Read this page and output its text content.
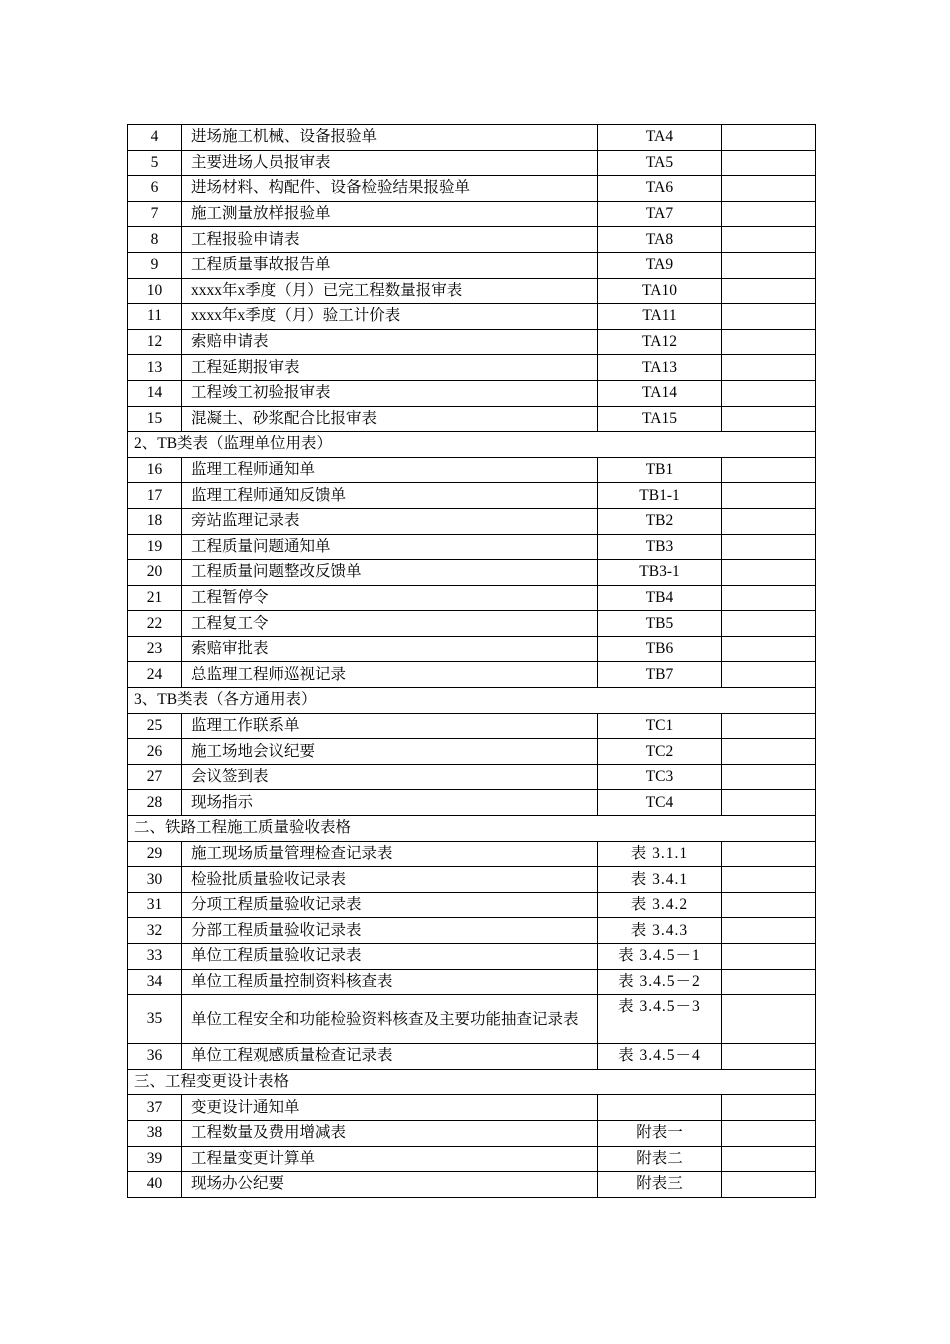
4	进场施工机械、设备报验单	TA4	
5	主要进场人员报审表	TA5	
6	进场材料、构配件、设备检验结果报验单	TA6	
7	施工测量放样报验单	TA7	
8	工程报验申请表	TA8	
9	工程质量事故报告单	TA9	
10	xxxx年x季度（月）已完工程数量报审表	TA10	
11	xxxx年x季度（月）验工计价表	TA11	
12	索赔申请表	TA12	
13	工程延期报审表	TA13	
14	工程竣工初验报审表	TA14	
15	混凝土、砂浆配合比报审表	TA15	
2、TB类表（监理单位用表）			
16	监理工程师通知单	TB1	
17	监理工程师通知反馈单	TB1-1	
18	旁站监理记录表	TB2	
19	工程质量问题通知单	TB3	
20	工程质量问题整改反馈单	TB3-1	
21	工程暂停令	TB4	
22	工程复工令	TB5	
23	索赔审批表	TB6	
24	总监理工程师巡视记录	TB7	
3、TB类表（各方通用表）			
25	监理工作联系单	TC1	
26	施工场地会议纪要	TC2	
27	会议签到表	TC3	
28	现场指示	TC4	
二、铁路工程施工质量验收表格			
29	施工现场质量管理检查记录表	表 3.1.1	
30	检验批质量验收记录表	表 3.4.1	
31	分项工程质量验收记录表	表 3.4.2	
32	分部工程质量验收记录表	表 3.4.3	
33	单位工程质量验收记录表	表 3.4.5－1	
34	单位工程质量控制资料核查表	表 3.4.5－2	
35	单位工程安全和功能检验资料核查及主要功能抽查记录表	表 3.4.5－3	
36	单位工程观感质量检查记录表	表 3.4.5－4	
三、工程变更设计表格			
37	变更设计通知单		
38	工程数量及费用增减表	附表一	
39	工程量变更计算单	附表二	
40	现场办公纪要	附表三	
